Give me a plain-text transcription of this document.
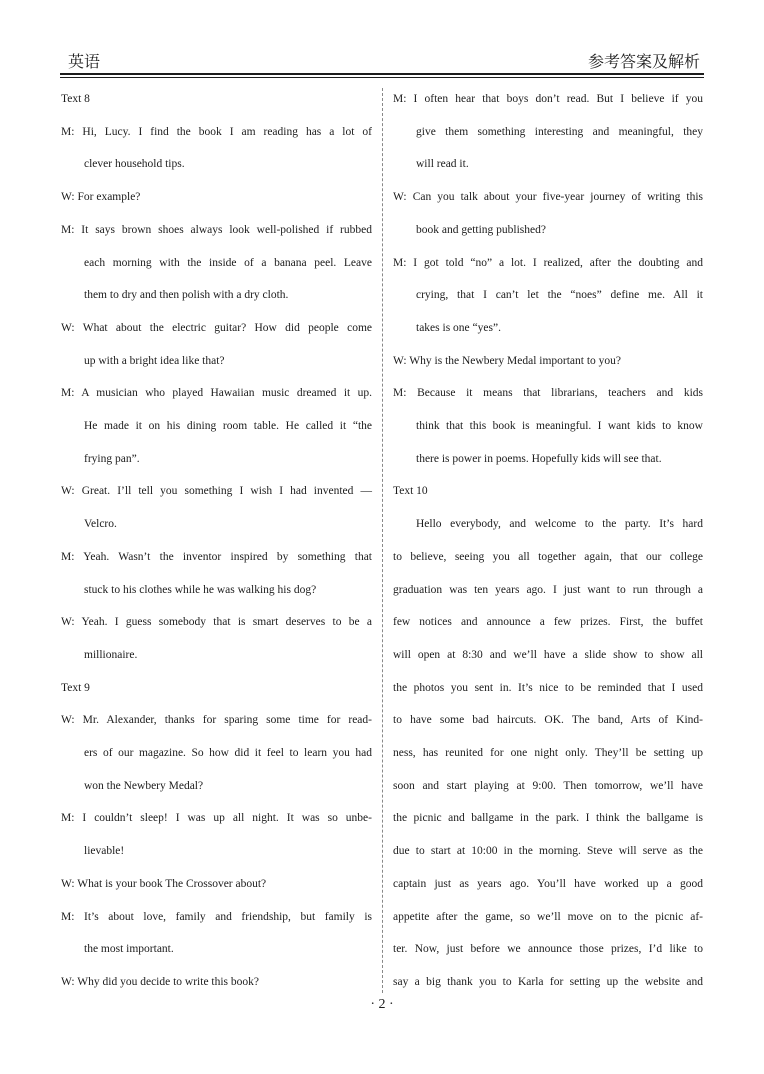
英语	参考答案及解析
Text 8
M: Hi, Lucy. I find the book I am reading has a lot of
clever household tips.
W: For example?
M: It says brown shoes always look well-polished if rubbed
each morning with the inside of a banana peel. Leave
them to dry and then polish with a dry cloth.
W: What about the electric guitar? How did people come
up with a bright idea like that?
M: A musician who played Hawaiian music dreamed it up.
He made it on his dining room table. He called it “the
frying pan”.
W: Great. I’ll tell you something I wish I had invented —
Velcro.
M: Yeah. Wasn’t the inventor inspired by something that
stuck to his clothes while he was walking his dog?
W: Yeah. I guess somebody that is smart deserves to be a
millionaire.
Text 9
W: Mr. Alexander, thanks for sparing some time for read-
ers of our magazine. So how did it feel to learn you had
won the Newbery Medal?
M: I couldn’t sleep! I was up all night. It was so unbe-
lievable!
W: What is your book The Crossover about?
M: It’s about love, family and friendship, but family is
the most important.
W: Why did you decide to write this book?
M: I often hear that boys don’t read. But I believe if you
give them something interesting and meaningful, they
will read it.
W: Can you talk about your five-year journey of writing this
book and getting published?
M: I got told “no” a lot. I realized, after the doubting and
crying, that I can’t let the “noes” define me. All it
takes is one “yes”.
W: Why is the Newbery Medal important to you?
M: Because it means that librarians, teachers and kids
think that this book is meaningful. I want kids to know
there is power in poems. Hopefully kids will see that.
Text 10
Hello everybody, and welcome to the party. It’s hard
to believe, seeing you all together again, that our college
graduation was ten years ago. I just want to run through a
few notices and announce a few prizes. First, the buffet
will open at 8:30 and we’ll have a slide show to show all
the photos you sent in. It’s nice to be reminded that I used
to have some bad haircuts. OK. The band, Arts of Kind-
ness, has reunited for one night only. They’ll be setting up
soon and start playing at 9:00. Then tomorrow, we’ll have
the picnic and ballgame in the park. I think the ballgame is
due to start at 10:00 in the morning. Steve will serve as the
captain just as years ago. You’ll have worked up a good
appetite after the game, so we’ll move on to the picnic af-
ter. Now, just before we announce those prizes, I’d like to
say a big thank you to Karla for setting up the website and
· 2 ·
